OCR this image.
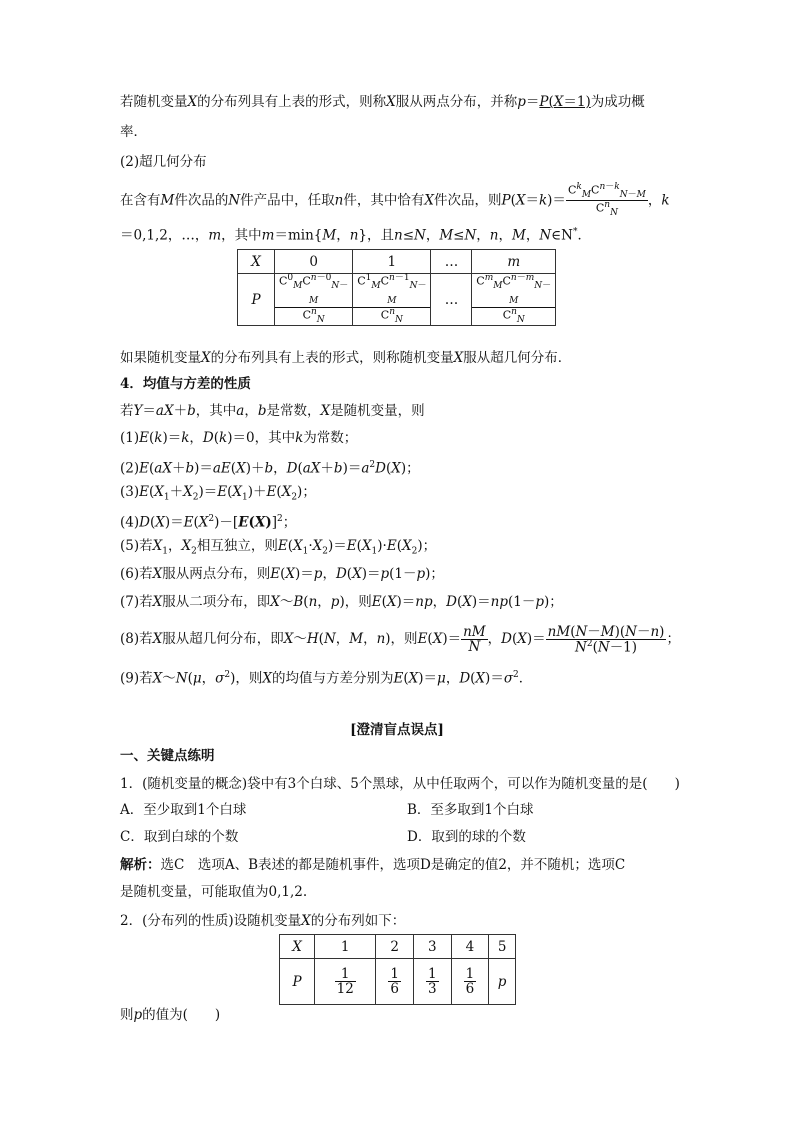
若随机变量X的分布列具有上表的形式，则称X服从两点分布，并称p＝P(X＝1)为成功概
率．
(2)超几何分布
在含有M件次品的N件产品中，任取n件，其中恰有X件次品，则$P(X=k)= \frac{C^k_MC^{n-k}_{N-M}}{C^n_N}$ ，k
＝0,1,2，…，m，其中m＝min{M，n}，且n≤N，M≤N，n，M，N∈N*．
X	0	1	…	m
P	$\frac{C^0_MC^{n-0}_{N-M}}{C^n_N}$	$\frac{C^1_MC^{n-1}_{N-M}}{C^n_N}$	…	$\frac{C^m_MC^{n-m}_{N-M}}{C^n_N}$
如果随机变量X的分布列具有上表的形式，则称随机变量X服从超几何分布．
4．均值与方差的性质
若Y＝aX＋b，其中a，b是常数，X是随机变量，则
(1)E(k)＝k，D(k)＝0，其中k为常数；
(2)E(aX＋b)＝aE(X)＋b，$D(aX+b)=a^2D(X)$；
$(3)E(X_1+X_2)=E(X_1)+E(X_2)$；
$(4)D(X)=E(X^2)-[E(X)]^2$；
(5)若$X_1$，$X_2$相互独立，则$E(X_1\cdot X_2)=E(X_1)\cdot E(X_2)$；
(6)若X服从两点分布，则E(X)＝p，D(X)＝p(1－p)；
(7)若X服从二项分布，即X～B(n，p)，则E(X)＝np，D(X)＝np(1－p)；
(8)若X服从超几何分布，即X～H(N，M，n)，则$E(X)= \frac{nM}{N}$ ，$D(X)= \frac{nM(N-M)(N-n)}{N^2(N-1)}$ ；
(9)若X～N(μ，$\sigma^2$)，则X的均值与方差分别为E(X)＝μ，$D(X)=\sigma^2$．
[澄清盲点误点]
一、关键点练明
1．(随机变量的概念)袋中有3个白球、5个黑球，从中任取两个，可以作为随机变量的是(　　)
A．至少取到1个白球	B．至多取到1个白球
C．取到白球的个数	D．取到的球的个数
解析：选C　选项A、B表述的都是随机事件，选项D是确定的值2，并不随机；选项C
是随机变量，可能取值为0,1,2.
2．(分布列的性质)设随机变量X的分布列如下：
X	1	2	3	4	5
P	$\frac{1}{12}$	$\frac{1}{6}$	$\frac{1}{3}$	$\frac{1}{6}$	p
则p的值为(　　)
